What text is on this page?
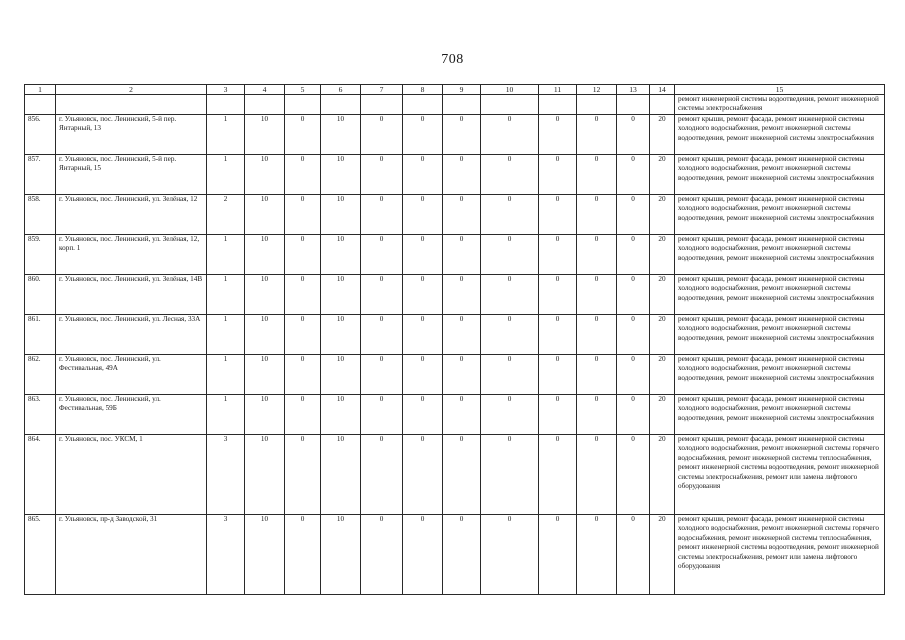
708
1	2	3	4	5	6	7	8	9	10	11	12	13	14	15
														ремонт инженерной системы водоотведения, ремонт инженерной системы электроснабжения
856.	г. Ульяновск, пос. Ленинский, 5-й пер. Янтарный, 13	1	10	0	10	0	0	0	0	0	0	0	20	ремонт крыши, ремонт фасада, ремонт инженерной системы холодного водоснабжения, ремонт инженерной системы водоотведения, ремонт инженерной системы электроснабжения
857.	г. Ульяновск, пос. Ленинский, 5-й пер. Янтарный, 15	1	10	0	10	0	0	0	0	0	0	0	20	ремонт крыши, ремонт фасада, ремонт инженерной системы холодного водоснабжения, ремонт инженерной системы водоотведения, ремонт инженерной системы электроснабжения
858.	г. Ульяновск, пос. Ленинский, ул. Зелёная, 12	2	10	0	10	0	0	0	0	0	0	0	20	ремонт крыши, ремонт фасада, ремонт инженерной системы холодного водоснабжения, ремонт инженерной системы водоотведения, ремонт инженерной системы электроснабжения
859.	г. Ульяновск, пос. Ленинский, ул. Зелёная, 12, корп. 1	1	10	0	10	0	0	0	0	0	0	0	20	ремонт крыши, ремонт фасада, ремонт инженерной системы холодного водоснабжения, ремонт инженерной системы водоотведения, ремонт инженерной системы электроснабжения
860.	г. Ульяновск, пос. Ленинский, ул. Зелёная, 14В	1	10	0	10	0	0	0	0	0	0	0	20	ремонт крыши, ремонт фасада, ремонт инженерной системы холодного водоснабжения, ремонт инженерной системы водоотведения, ремонт инженерной системы электроснабжения
861.	г. Ульяновск, пос. Ленинский, ул. Лесная, 33А	1	10	0	10	0	0	0	0	0	0	0	20	ремонт крыши, ремонт фасада, ремонт инженерной системы холодного водоснабжения, ремонт инженерной системы водоотведения, ремонт инженерной системы электроснабжения
862.	г. Ульяновск, пос. Ленинский, ул. Фестивальная, 49А	1	10	0	10	0	0	0	0	0	0	0	20	ремонт крыши, ремонт фасада, ремонт инженерной системы холодного водоснабжения, ремонт инженерной системы водоотведения, ремонт инженерной системы электроснабжения
863.	г. Ульяновск, пос. Ленинский, ул. Фестивальная, 59Б	1	10	0	10	0	0	0	0	0	0	0	20	ремонт крыши, ремонт фасада, ремонт инженерной системы холодного водоснабжения, ремонт инженерной системы водоотведения, ремонт инженерной системы электроснабжения
864.	г. Ульяновск, пос. УКСМ, 1	3	10	0	10	0	0	0	0	0	0	0	20	ремонт крыши, ремонт фасада, ремонт инженерной системы холодного водоснабжения, ремонт инженерной системы горячего водоснабжения, ремонт инженерной системы теплоснабжения, ремонт инженерной системы водоотведения, ремонт инженерной системы электроснабжения, ремонт или замена лифтового оборудования
865.	г. Ульяновск, пр-д Заводской, 31	3	10	0	10	0	0	0	0	0	0	0	20	ремонт крыши, ремонт фасада, ремонт инженерной системы холодного водоснабжения, ремонт инженерной системы горячего водоснабжения, ремонт инженерной системы теплоснабжения, ремонт инженерной системы водоотведения, ремонт инженерной системы электроснабжения, ремонт или замена лифтового оборудования
